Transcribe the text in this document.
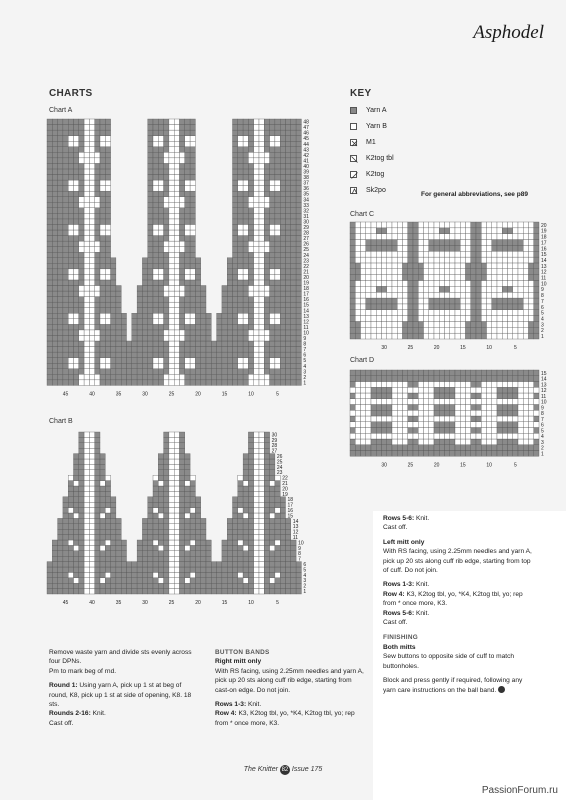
Asphodel
CHARTS	KEY
Chart A
Chart B
Chart C
Chart D
Yarn A
Yarn B
M1
K2tog tbl
K2tog
Sk2po
For general abbreviations, see p89
1
2
3
4
5
6
7
8
9
10
11
12
13
14
15
16
17
18
19
20
21
22
23
24
25
26
27
28
29
30
31
32
33
34
35
36
37
38
39
40
41
42
43
44
45
46
47
48
45	40	35	30	25	20	15	10	5
1
2
3
4
5
6
7
8
9
10
11
12
13
14
15
16
17
18
19
20
21
22
23
24
25
26
27
28
29
30
45	40	35	30	25	20	15	10	5
1
2
3
4
5
6
7
8
9
10
11
12
13
14
15
16
17
18
19
20
30	25	20	15	10	5
1
2
3
4
5
6
7
8
9
10
11
12
13
14
15
30	25	20	15	10	5

Remove waste yarn and divide sts evenly across four DPNs.

Pm to mark beg of rnd.

Round 1: Using yarn A, pick up 1 st at beg of round, K8, pick up 1 st at side of opening, K8. 18 sts.
Rounds 2-16: Knit.
Cast off.

BUTTON BANDS
Right mitt only

With RS facing, using 2.25mm needles and yarn A, pick up 20 sts along cuff rib edge, starting from cast-on edge. Do not join.

Rows 1-3: Knit.
Row 4: K3, K2tog tbl, yo, *K4, K2tog tbl, yo; rep from * once more, K3.

Rows 5-6: Knit.
Cast off.

Left mitt only

With RS facing, using 2.25mm needles and yarn A, pick up 20 sts along cuff rib edge, starting from top of cuff. Do not join.

Rows 1-3: Knit.
Row 4: K3, K2tog tbl, yo, *K4, K2tog tbl, yo; rep from * once more, K3.
Rows 5-6: Knit.
Cast off.

FINISHING
Both mitts

Sew buttons to opposite side of cuff to match buttonholes.

Block and press gently if required, following any yarn care instructions on the ball band.

The Knitter 82 Issue 175
PassionForum.ru
